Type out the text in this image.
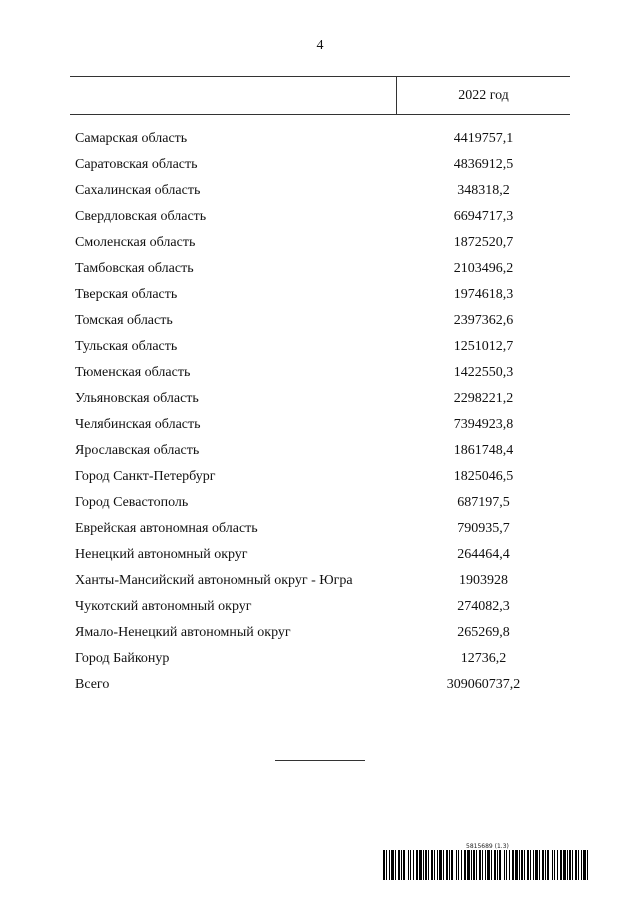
4
2022 год
Самарская область	4419757,1
Саратовская область	4836912,5
Сахалинская область	348318,2
Свердловская область	6694717,3
Смоленская область	1872520,7
Тамбовская область	2103496,2
Тверская область	1974618,3
Томская область	2397362,6
Тульская область	1251012,7
Тюменская область	1422550,3
Ульяновская область	2298221,2
Челябинская область	7394923,8
Ярославская область	1861748,4
Город Санкт-Петербург	1825046,5
Город Севастополь	687197,5
Еврейская автономная область	790935,7
Ненецкий автономный округ	264464,4
Ханты-Мансийский автономный округ - Югра	1903928
Чукотский автономный округ	274082,3
Ямало-Ненецкий автономный округ	265269,8
Город Байконур	12736,2
Всего	309060737,2
5815689 (1.3)
